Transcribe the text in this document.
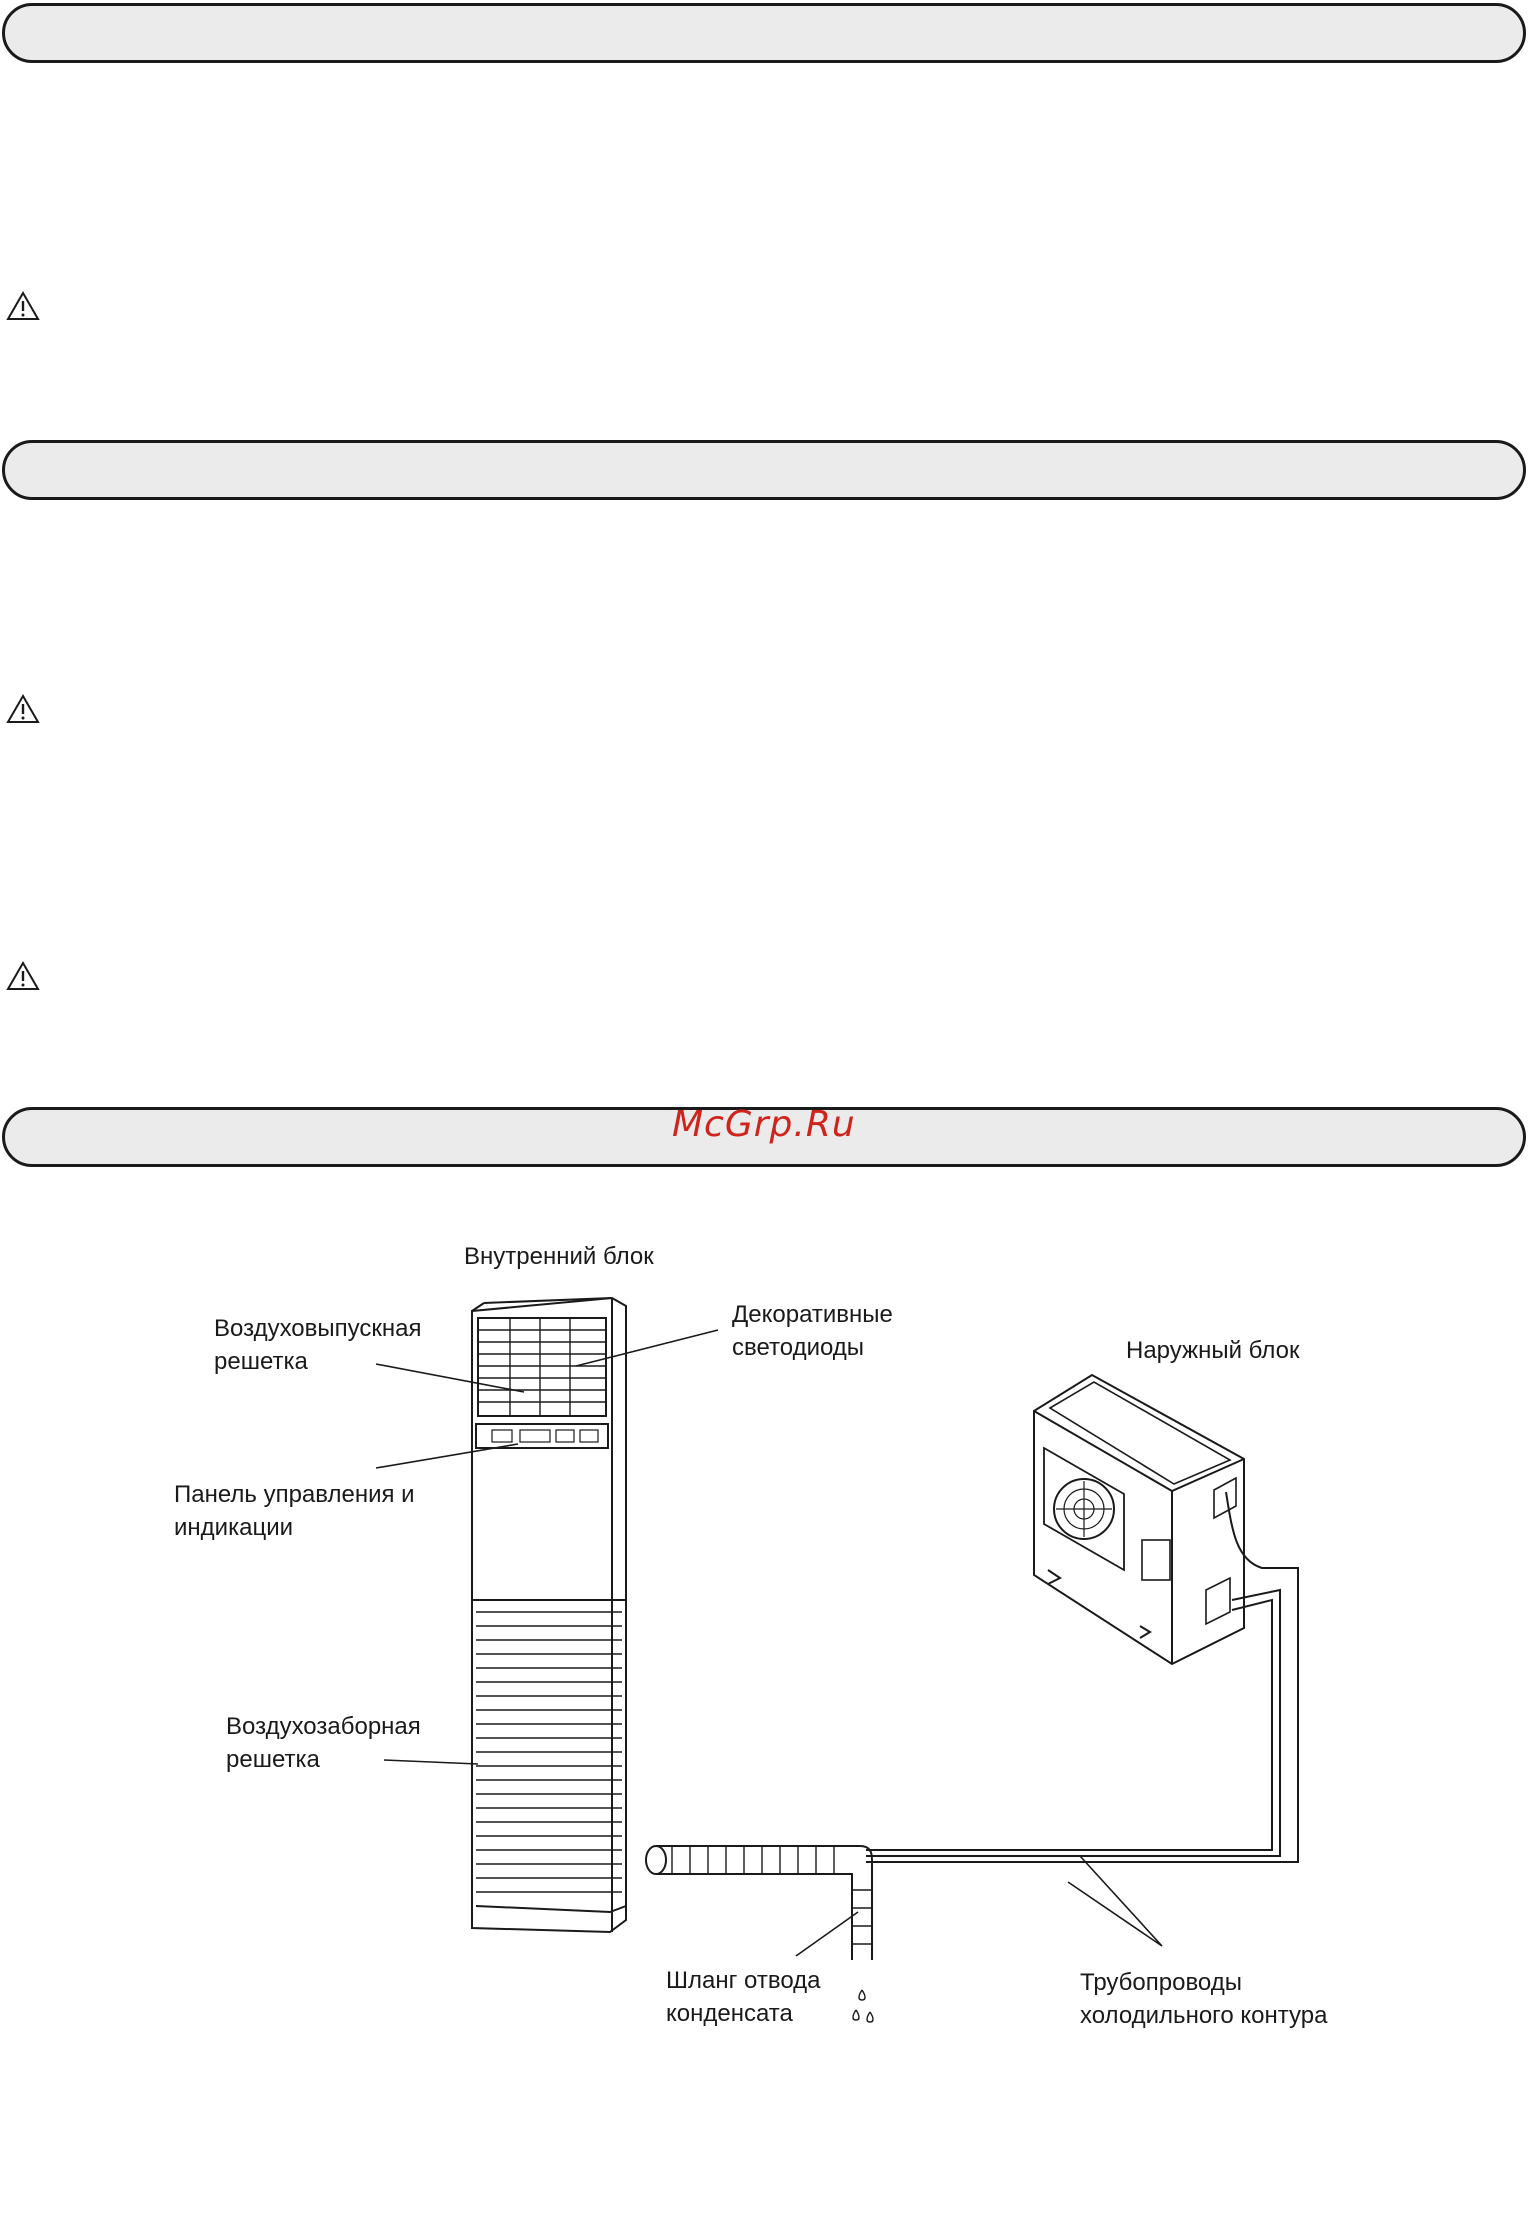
McGrp.Ru
Внутренний блок
Воздуховыпускная
решетка
Декоративные
светодиоды	Наружный блок
Панель управления и
индикации
Воздухозаборная
решетка
Шланг отвода
конденсата
Трубопроводы
холодильного контура
